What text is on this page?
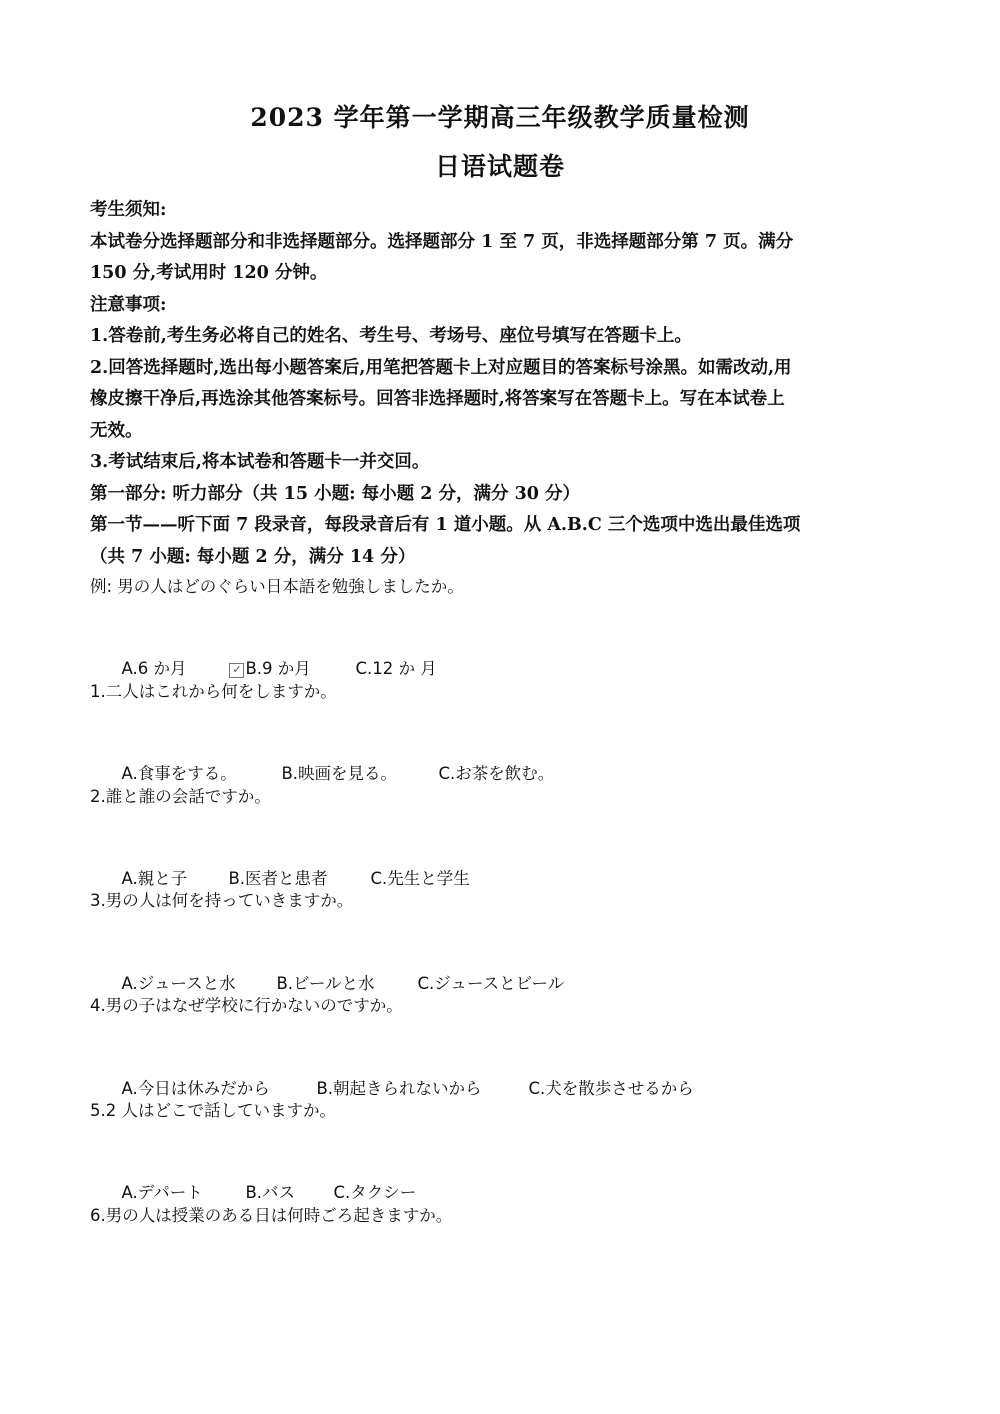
2023 学年第一学期高三年级教学质量检测
日语试题卷

考生须知:

本试卷分选择题部分和非选择题部分。选择题部分 1 至 7 页，非选择题部分第 7 页。满分

150 分,考试用时 120 分钟。

注意事项:

1.答卷前,考生务必将自己的姓名、考生号、考场号、座位号填写在答题卡上。

2.回答选择题时,选出每小题答案后,用笔把答题卡上对应题目的答案标号涂黑。如需改动,用

橡皮擦干净后,再选涂其他答案标号。回答非选择题时,将答案写在答题卡上。写在本试卷上

无效。

3.考试结束后,将本试卷和答题卡一并交回。

第一部分: 听力部分（共 15 小题: 每小题 2 分，满分 30 分）

第一节——听下面 7 段录音，每段录音后有 1 道小题。从 A.B.C 三个选项中选出最佳选项

（共 7 小题: 每小题 2 分，满分 14 分）

例: 男の人はどのぐらい日本語を勉強しましたか。

A.6 か月	✓ B.9 か月	C.12 か 月

1.二人はこれから何をしますか。

A.食事をする。	B.映画を見る。	C.お茶を飲む。

2.誰と誰の会話ですか。

A.親と子	B.医者と患者	C.先生と学生

3.男の人は何を持っていきますか。

A.ジュースと水 B.ビールと水	C.ジュースとビール

4.男の子はなぜ学校に行かないのですか。

A.今日は休みだから	B.朝起きられないから	C.犬を散歩させるから

5.2 人はどこで話していますか。

A.デパート	B.バス C.タクシー

6.男の人は授業のある日は何時ごろ起きますか。
